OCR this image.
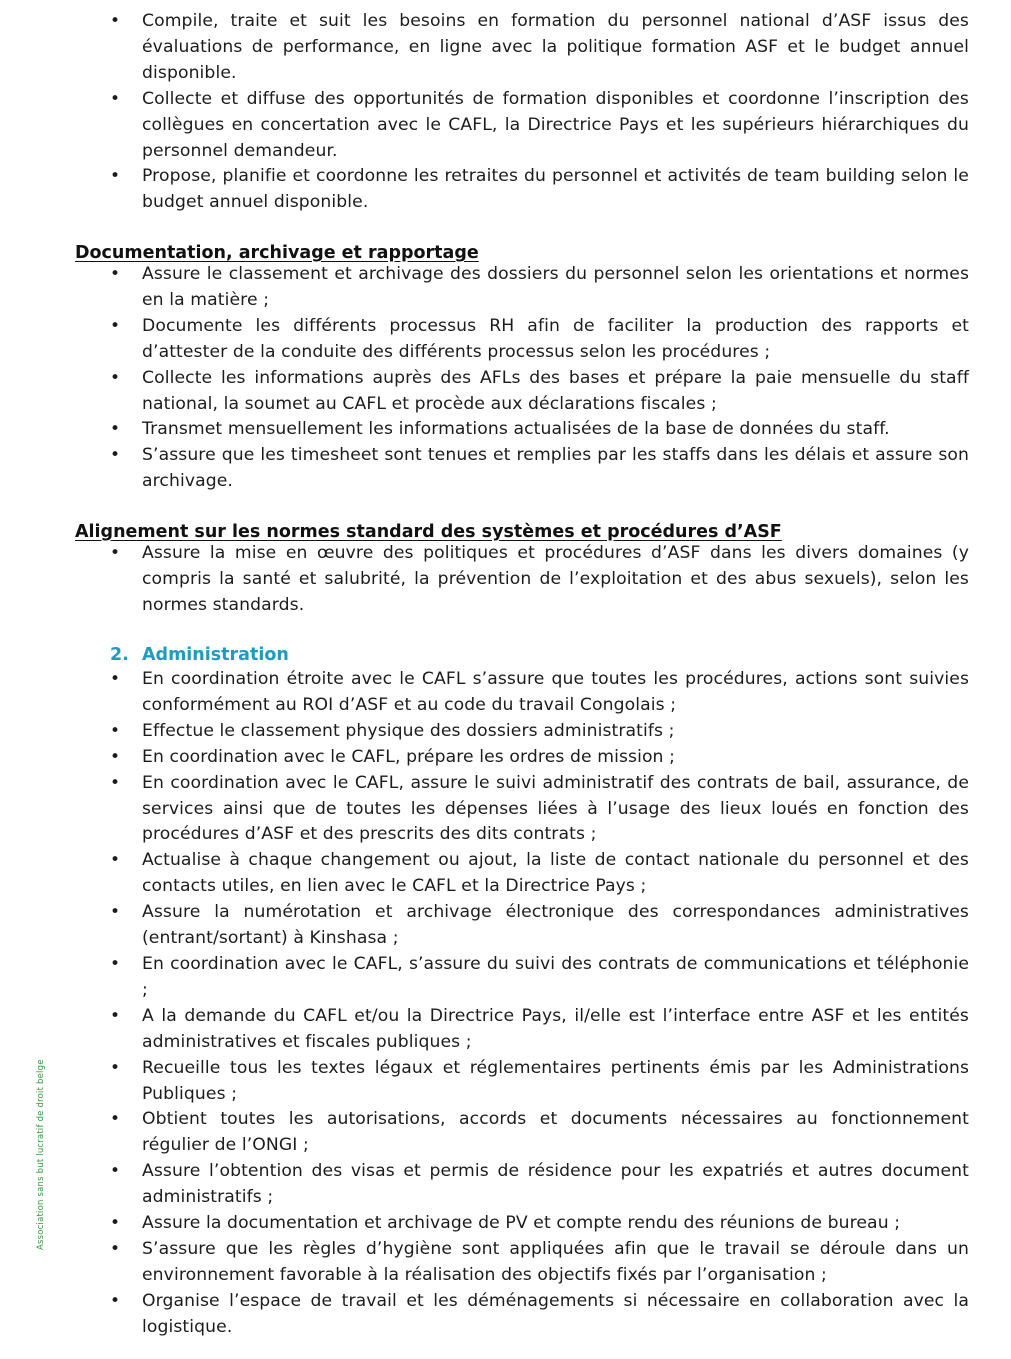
• Compile, traite et suit les besoins en formation du personnel national d’ASF issus des évaluations de performance, en ligne avec la politique formation ASF et le budget annuel disponible.
• Collecte et diffuse des opportunités de formation disponibles et coordonne l’inscription des collègues en concertation avec le CAFL, la Directrice Pays et les supérieurs hiérarchiques du personnel demandeur.
• Propose, planifie et coordonne les retraites du personnel et activités de team building selon le budget annuel disponible.
Documentation, archivage et rapportage
• Assure le classement et archivage des dossiers du personnel selon les orientations et normes en la matière ;
• Documente les différents processus RH afin de faciliter la production des rapports et d’attester de la conduite des différents processus selon les procédures ;
• Collecte les informations auprès des AFLs des bases et prépare la paie mensuelle du staff national, la soumet au CAFL et procède aux déclarations fiscales ;
• Transmet mensuellement les informations actualisées de la base de données du staff.
• S’assure que les timesheet sont tenues et remplies par les staffs dans les délais et assure son archivage.
Alignement sur les normes standard des systèmes et procédures d’ASF
• Assure la mise en œuvre des politiques et procédures d’ASF dans les divers domaines (y compris la santé et salubrité, la prévention de l’exploitation et des abus sexuels), selon les normes standards.
2. Administration
• En coordination étroite avec le CAFL s’assure que toutes les procédures, actions sont suivies conformément au ROI d’ASF et au code du travail Congolais ;
• Effectue le classement physique des dossiers administratifs ;
• En coordination avec le CAFL, prépare les ordres de mission ;
• En coordination avec le CAFL, assure le suivi administratif des contrats de bail, assurance, de services ainsi que de toutes les dépenses liées à l’usage des lieux loués en fonction des procédures d’ASF et des prescrits des dits contrats ;
• Actualise à chaque changement ou ajout, la liste de contact nationale du personnel et des contacts utiles, en lien avec le CAFL et la Directrice Pays ;
• Assure la numérotation et archivage électronique des correspondances administratives (entrant/sortant) à Kinshasa ;
• En coordination avec le CAFL, s’assure du suivi des contrats de communications et téléphonie ;
• A la demande du CAFL et/ou la Directrice Pays, il/elle est l’interface entre ASF et les entités administratives et fiscales publiques ;
• Recueille tous les textes légaux et réglementaires pertinents émis par les Administrations Publiques ;
• Obtient toutes les autorisations, accords et documents nécessaires au fonctionnement régulier de l’ONGI ;
• Assure l’obtention des visas et permis de résidence pour les expatriés et autres document administratifs ;
• Assure la documentation et archivage de PV et compte rendu des réunions de bureau ;
• S’assure que les règles d’hygiène sont appliquées afin que le travail se déroule dans un environnement favorable à la réalisation des objectifs fixés par l’organisation ;
• Organise l’espace de travail et les déménagements si nécessaire en collaboration avec la logistique.
Association sans but lucratif de droit belge
